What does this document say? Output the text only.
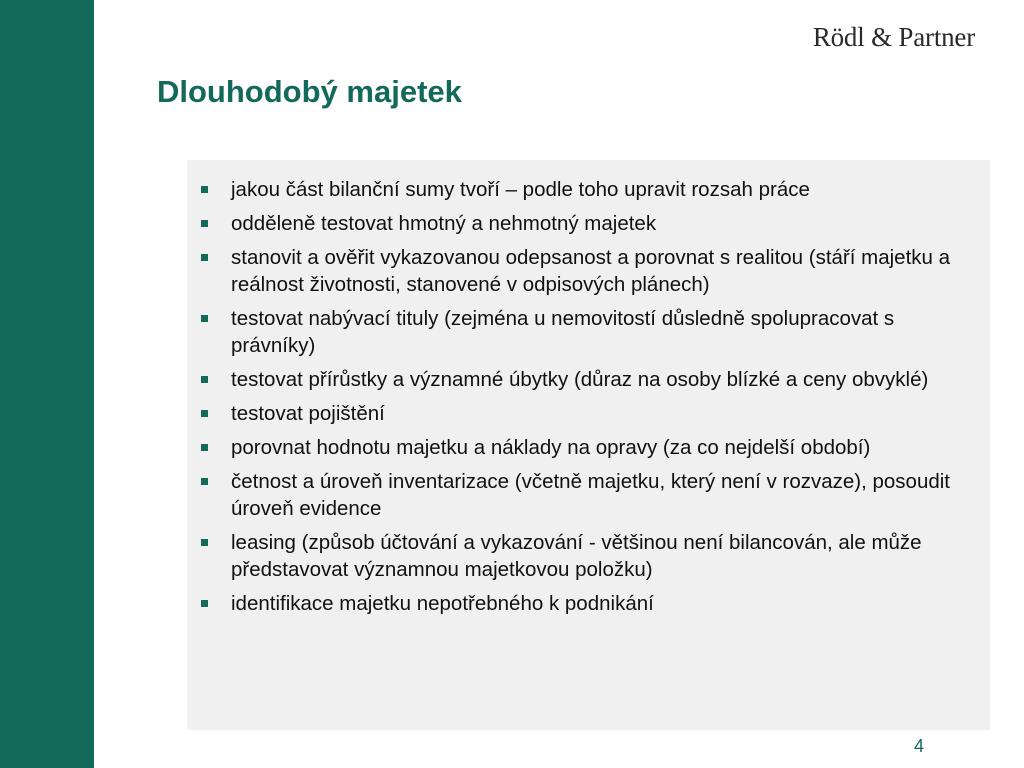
Rödl & Partner
Dlouhodobý majetek
jakou část bilanční sumy tvoří – podle toho upravit rozsah práce
odděleně testovat hmotný a nehmotný majetek
stanovit a ověřit vykazovanou odepsanost a porovnat s realitou (stáří majetku a reálnost životnosti, stanovené v odpisových plánech)
testovat nabývací tituly (zejména u nemovitostí důsledně spolupracovat s právníky)
testovat přírůstky a významné úbytky (důraz na osoby blízké a ceny obvyklé)
testovat pojištění
porovnat hodnotu majetku a náklady na opravy (za co nejdelší období)
četnost a úroveň inventarizace (včetně majetku, který není v rozvaze), posoudit úroveň evidence
leasing (způsob účtování a vykazování - většinou není bilancován, ale může představovat významnou majetkovou položku)
identifikace majetku nepotřebného k podnikání
4
